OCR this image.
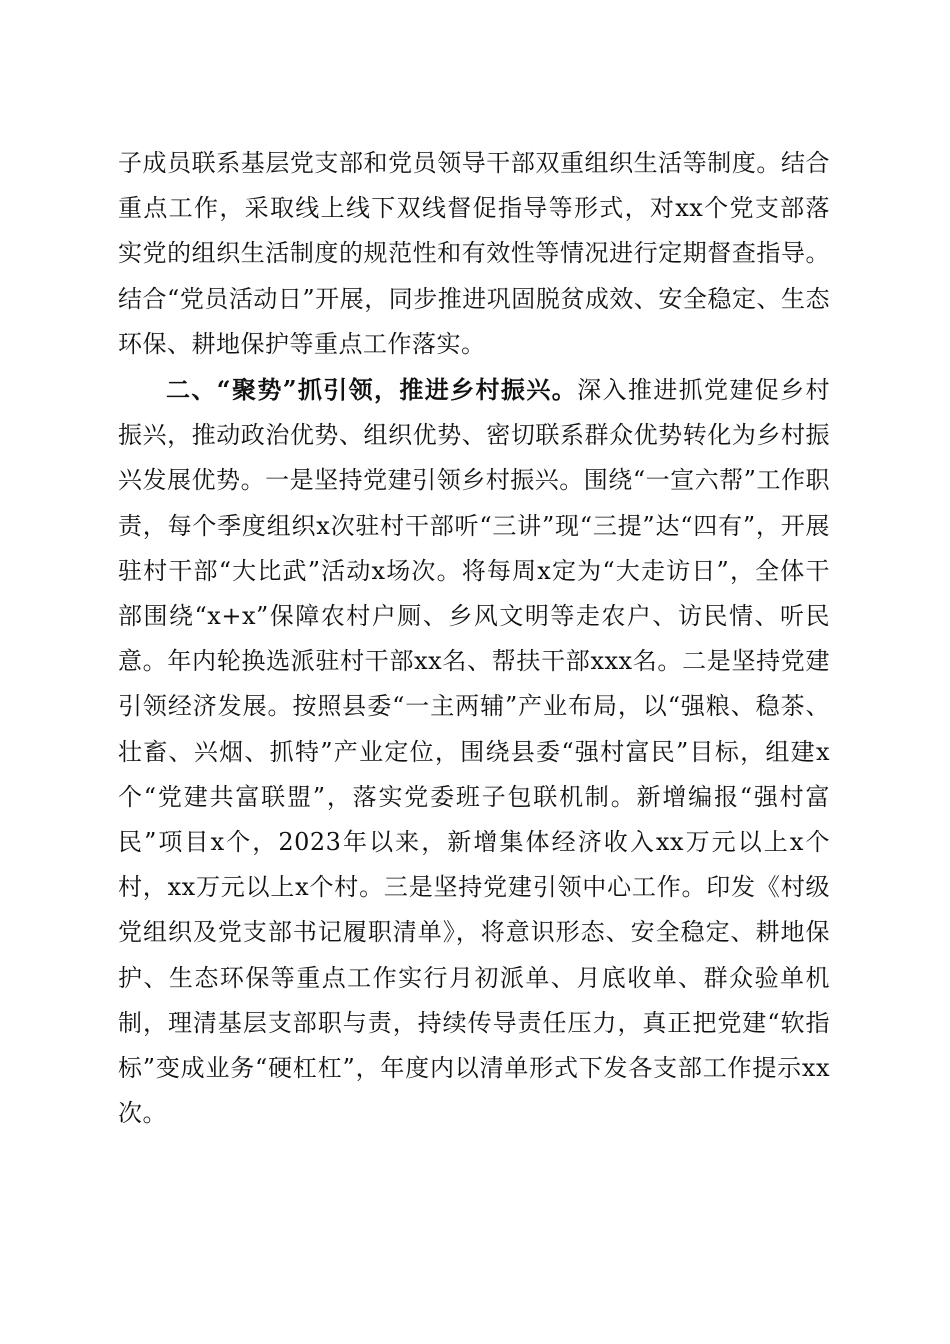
子成员联系基层党支部和党员领导干部双重组织生活等制度。结合重点工作，采取线上线下双线督促指导等形式，对xx个党支部落实党的组织生活制度的规范性和有效性等情况进行定期督查指导。结合“党员活动日”开展，同步推进巩固脱贫成效、安全稳定、生态环保、耕地保护等重点工作落实。

二、“聚势”抓引领，推进乡村振兴。深入推进抓党建促乡村振兴，推动政治优势、组织优势、密切联系群众优势转化为乡村振兴发展优势。一是坚持党建引领乡村振兴。围绕“一宣六帮”工作职责，每个季度组织x次驻村干部听“三讲”现“三提”达“四有”，开展驻村干部“大比武”活动x场次。将每周x定为“大走访日”，全体干部围绕“x+x”保障农村户厕、乡风文明等走农户、访民情、听民意。年内轮换选派驻村干部xx名、帮扶干部xxx名。二是坚持党建引领经济发展。按照县委“一主两辅”产业布局，以“强粮、稳茶、壮畜、兴烟、抓特”产业定位，围绕县委“强村富民”目标，组建x个“党建共富联盟”，落实党委班子包联机制。新增编报“强村富民”项目x个，2023年以来，新增集体经济收入xx万元以上x个村，xx万元以上x个村。三是坚持党建引领中心工作。印发《村级党组织及党支部书记履职清单》，将意识形态、安全稳定、耕地保护、生态环保等重点工作实行月初派单、月底收单、群众验单机制，理清基层支部职与责，持续传导责任压力，真正把党建“软指标”变成业务“硬杠杠”，年度内以清单形式下发各支部工作提示xx次。
